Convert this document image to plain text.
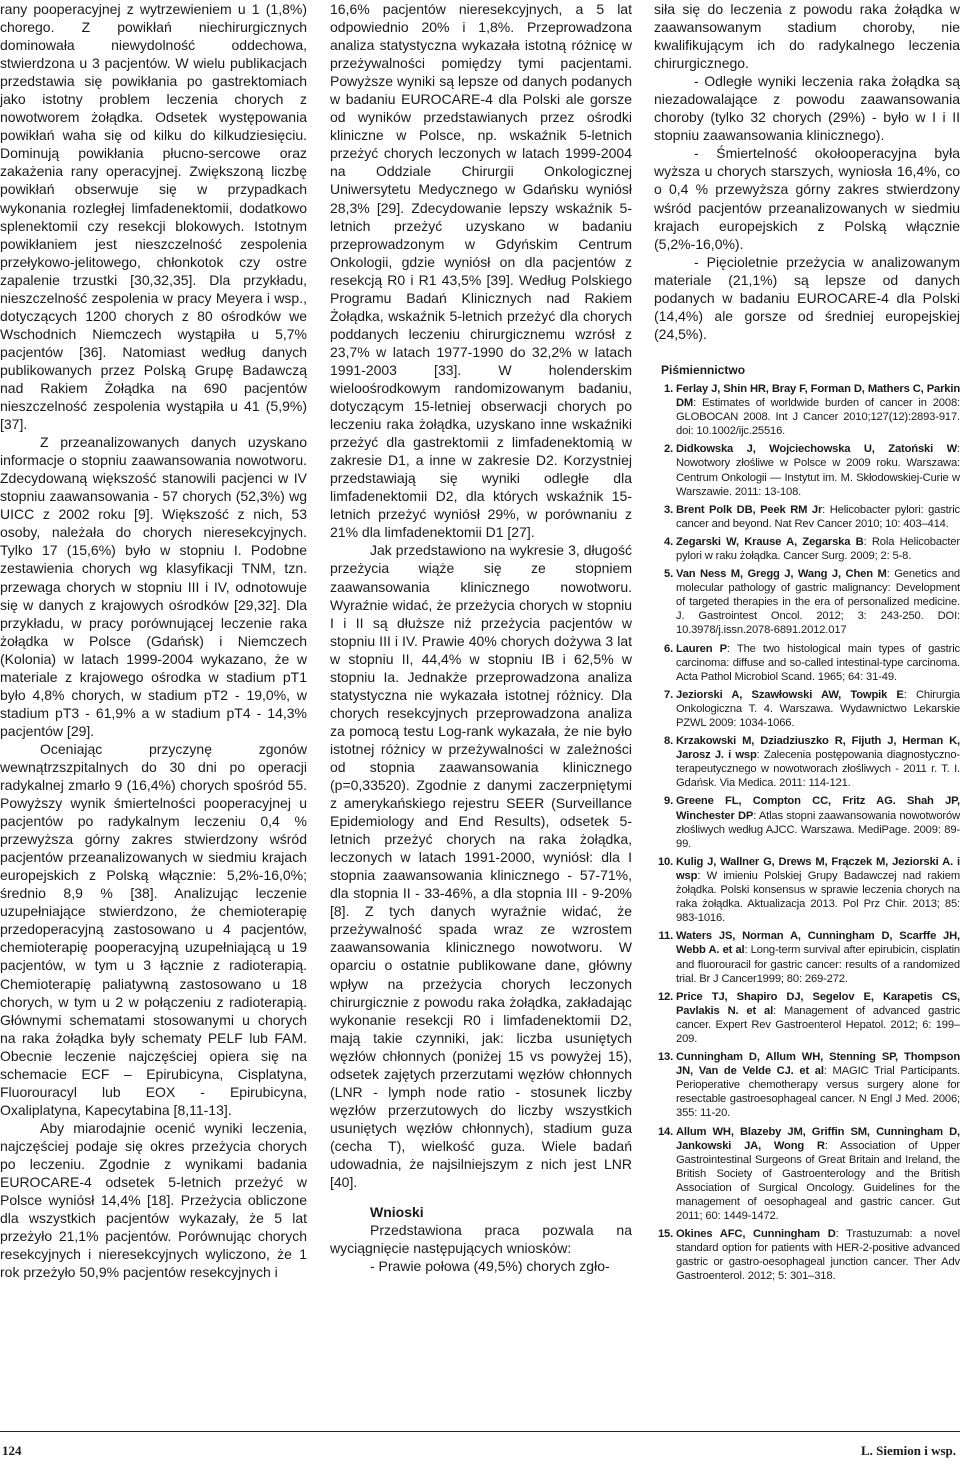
rany pooperacyjnej z wytrzewieniem u 1 (1,8%) chorego. Z powikłań niechirurgicznych dominowała niewydolność oddechowa, stwierdzona u 3 pacjentów. W wielu publikacjach przedstawia się powikłania po gastrektomiach jako istotny problem leczenia chorych z nowotworem żołądka. Odsetek występowania powikłań waha się od kilku do kilkudziesięciu. Dominują powikłania płucno-sercowe oraz zakażenia rany operacyjnej. Zwiększoną liczbę powikłań obserwuje się w przypadkach wykonania rozległej limfadenektomii, dodatkowo splenektomii czy resekcji blokowych. Istotnym powikłaniem jest nieszczelność zespolenia przełykowo-jelitowego, chłonkotok czy ostre zapalenie trzustki [30,32,35]. Dla przykładu, nieszczelność zespolenia w pracy Meyera i wsp., dotyczących 1200 chorych z 80 ośrodków we Wschodnich Niemczech wystąpiła u 5,7% pacjentów [36]. Natomiast według danych publikowanych przez Polską Grupę Badawczą nad Rakiem Żołądka na 690 pacjentów nieszczelność zespolenia wystąpiła u 41 (5,9%) [37].

Z przeanalizowanych danych uzyskano informacje o stopniu zaawansowania nowotworu. Zdecydowaną większość stanowili pacjenci w IV stopniu zaawansowania - 57 chorych (52,3%) wg UICC z 2002 roku [9]. Większość z nich, 53 osoby, należała do chorych nieresekcyjnych. Tylko 17 (15,6%) było w stopniu I. Podobne zestawienia chorych wg klasyfikacji TNM, tzn. przewaga chorych w stopniu III i IV, odnotowuje się w danych z krajowych ośrodków [29,32]. Dla przykładu, w pracy porównującej leczenie raka żołądka w Polsce (Gdańsk) i Niemczech (Kolonia) w latach 1999-2004 wykazano, że w materiale z krajowego ośrodka w stadium pT1 było 4,8% chorych, w stadium pT2 - 19,0%, w stadium pT3 - 61,9% a w stadium pT4 - 14,3% pacjentów [29].

Oceniając przyczynę zgonów wewnątrzszpitalnych do 30 dni po operacji radykalnej zmarło 9 (16,4%) chorych spośród 55. Powyższy wynik śmiertelności pooperacyjnej u pacjentów po radykalnym leczeniu 0,4 % przewyższa górny zakres stwierdzony wśród pacjentów przeanalizowanych w siedmiu krajach europejskich z Polską włącznie: 5,2%-16,0%; średnio 8,9 % [38]. Analizując leczenie uzupełniające stwierdzono, że chemioterapię przedoperacyjną zastosowano u 4 pacjentów, chemioterapię pooperacyjną uzupełniającą u 19 pacjentów, w tym u 3 łącznie z radioterapią. Chemioterapię paliatywną zastosowano u 18 chorych, w tym u 2 w połączeniu z radioterapią. Głównymi schematami stosowanymi u chorych na raka żołądka były schematy PELF lub FAM. Obecnie leczenie najczęściej opiera się na schemacie ECF – Epirubicyna, Cisplatyna, Fluorouracyl lub EOX - Epirubicyna, Oxaliplatyna, Kapecytabina [8,11-13].

Aby miarodajnie ocenić wyniki leczenia, najczęściej podaje się okres przeżycia chorych po leczeniu. Zgodnie z wynikami badania EUROCARE-4 odsetek 5-letnich przeżyć w Polsce wyniósł 14,4% [18]. Przeżycia obliczone dla wszystkich pacjentów wykazały, że 5 lat przeżyło 21,1% pacjentów. Porównując chorych resekcyjnych i nieresekcyjnych wyliczono, że 1 rok przeżyło 50,9% pacjentów resekcyjnych i

16,6% pacjentów nieresekcyjnych, a 5 lat odpowiednio 20% i 1,8%. Przeprowadzona analiza statystyczna wykazała istotną różnicę w przeżywalności pomiędzy tymi pacjentami. Powyższe wyniki są lepsze od danych podanych w badaniu EUROCARE-4 dla Polski ale gorsze od wyników przedstawianych przez ośrodki kliniczne w Polsce, np. wskaźnik 5-letnich przeżyć chorych leczonych w latach 1999-2004 na Oddziale Chirurgii Onkologicznej Uniwersytetu Medycznego w Gdańsku wyniósł 28,3% [29]. Zdecydowanie lepszy wskaźnik 5- letnich przeżyć uzyskano w badaniu przeprowadzonym w Gdyńskim Centrum Onkologii, gdzie wyniósł on dla pacjentów z resekcją R0 i R1 43,5% [39]. Według Polskiego Programu Badań Klinicznych nad Rakiem Żołądka, wskaźnik 5-letnich przeżyć dla chorych poddanych leczeniu chirurgicznemu wzrósł z 23,7% w latach 1977-1990 do 32,2% w latach 1991-2003 [33]. W holenderskim wieloośrodkowym randomizowanym badaniu, dotyczącym 15-letniej obserwacji chorych po leczeniu raka żołądka, uzyskano inne wskaźniki przeżyć dla gastrektomii z limfadenektomią w zakresie D1, a inne w zakresie D2. Korzystniej przedstawiają się wyniki odległe dla limfadenektomii D2, dla których wskaźnik 15-letnich przeżyć wyniósł 29%, w porównaniu z 21% dla limfadenektomii D1 [27].

Jak przedstawiono na wykresie 3, długość przeżycia wiąże się ze stopniem zaawansowania klinicznego nowotworu. Wyraźnie widać, że przeżycia chorych w stopniu I i II są dłuższe niż przeżycia pacjentów w stopniu III i IV. Prawie 40% chorych dożywa 3 lat w stopniu II, 44,4% w stopniu IB i 62,5% w stopniu Ia. Jednakże przeprowadzona analiza statystyczna nie wykazała istotnej różnicy. Dla chorych resekcyjnych przeprowadzona analiza za pomocą testu Log-rank wykazała, że nie było istotnej różnicy w przeżywalności w zależności od stopnia zaawansowania klinicznego (p=0,33520). Zgodnie z danymi zaczerpniętymi z amerykańskiego rejestru SEER (Surveillance Epidemiology and End Results), odsetek 5-letnich przeżyć chorych na raka żołądka, leczonych w latach 1991-2000, wyniósł: dla I stopnia zaawansowania klinicznego - 57-71%, dla stopnia II - 33-46%, a dla stopnia III - 9-20% [8]. Z tych danych wyraźnie widać, że przeżywalność spada wraz ze wzrostem zaawansowania klinicznego nowotworu. W oparciu o ostatnie publikowane dane, główny wpływ na przeżycia chorych leczonych chirurgicznie z powodu raka żołądka, zakładając wykonanie resekcji R0 i limfadenektomii D2, mają takie czynniki, jak: liczba usuniętych węzłów chłonnych (poniżej 15 vs powyżej 15), odsetek zajętych przerzutami węzłów chłonnych (LNR - lymph node ratio - stosunek liczby węzłów przerzutowych do liczby wszystkich usuniętych węzłów chłonnych), stadium guza (cecha T), wielkość guza. Wiele badań udowadnia, że najsilniejszym z nich jest LNR [40].

Wnioski

Przedstawiona praca pozwala na wyciągnięcie następujących wniosków:

- Prawie połowa (49,5%) chorych zgło-

siła się do leczenia z powodu raka żołądka w zaawansowanym stadium choroby, nie kwalifikującym ich do radykalnego leczenia chirurgicznego.

- Odległe wyniki leczenia raka żołądka są niezadowalające z powodu zaawansowania choroby (tylko 32 chorych (29%) - było w I i II stopniu zaawansowania klinicznego).

- Śmiertelność okołooperacyjna była wyższa u chorych starszych, wyniosła 16,4%, co o 0,4 % przewyższa górny zakres stwierdzony wśród pacjentów przeanalizowanych w siedmiu krajach europejskich z Polską włącznie (5,2%-16,0%).

- Pięcioletnie przeżycia w analizowanym materiale (21,1%) są lepsze od danych podanych w badaniu EUROCARE-4 dla Polski (14,4%) ale gorsze od średniej europejskiej (24,5%).

Piśmiennictwo
1. Ferlay J, Shin HR, Bray F, Forman D, Mathers C, Parkin DM: Estimates of worldwide burden of cancer in 2008: GLOBOCAN 2008. Int J Cancer 2010;127(12):2893-917. doi: 10.1002/ijc.25516.
2. Didkowska J, Wojciechowska U, Zatoński W: Nowotwory złośliwe w Polsce w 2009 roku. Warszawa: Centrum Onkologii — Instytut im. M. Skłodowskiej-Curie w Warszawie. 2011: 13-108.
3. Brent Polk DB, Peek RM Jr: Helicobacter pylori: gastric cancer and beyond. Nat Rev Cancer 2010; 10: 403–414.
4. Zegarski W, Krause A, Zegarska B: Rola Helicobacter pylori w raku żołądka. Cancer Surg. 2009; 2: 5-8.
5. Van Ness M, Gregg J, Wang J, Chen M: Genetics and molecular pathology of gastric malignancy: Development of targeted therapies in the era of personalized medicine. J. Gastrointest Oncol. 2012; 3: 243-250. DOI: 10.3978/j.issn.2078-6891.2012.017
6. Lauren P: The two histological main types of gastric carcinoma: diffuse and so-called intestinal-type carcinoma. Acta Pathol Microbiol Scand. 1965; 64: 31-49.
7. Jeziorski A, Szawłowski AW, Towpik E: Chirurgia Onkologiczna T. 4. Warszawa. Wydawnictwo Lekarskie PZWL 2009: 1034-1066.
8. Krzakowski M, Dziadziuszko R, Fijuth J, Herman K, Jarosz J. i wsp: Zalecenia postępowania diagnostyczno-terapeutycznego w nowotworach złośliwych - 2011 r. T. I. Gdańsk. Via Medica. 2011: 114-121.
9. Greene FL, Compton CC, Fritz AG. Shah JP, Winchester DP: Atlas stopni zaawansowania nowotworów złośliwych według AJCC. Warszawa. MediPage. 2009: 89-99.
10. Kulig J, Wallner G, Drews M, Frączek M, Jeziorski A. i wsp: W imieniu Polskiej Grupy Badawczej nad rakiem żołądka. Polski konsensus w sprawie leczenia chorych na raka żołądka. Aktualizacja 2013. Pol Prz Chir. 2013; 85: 983-1016.
11. Waters JS, Norman A, Cunningham D, Scarffe JH, Webb A. et al: Long-term survival after epirubicin, cisplatin and fluorouracil for gastric cancer: results of a randomized trial. Br J Cancer1999; 80: 269-272.
12. Price TJ, Shapiro DJ, Segelov E, Karapetis CS, Pavlakis N. et al: Management of advanced gastric cancer. Expert Rev Gastroenterol Hepatol. 2012; 6: 199–209.
13. Cunningham D, Allum WH, Stenning SP, Thompson JN, Van de Velde CJ. et al: MAGIC Trial Participants. Perioperative chemotherapy versus surgery alone for resectable gastroesophageal cancer. N Engl J Med. 2006; 355: 11-20.
14. Allum WH, Blazeby JM, Griffin SM, Cunningham D, Jankowski JA, Wong R: Association of Upper Gastrointestinal Surgeons of Great Britain and Ireland, the British Society of Gastroenterology and the British Association of Surgical Oncology. Guidelines for the management of oesophageal and gastric cancer. Gut 2011; 60: 1449-1472.
15. Okines AFC, Cunningham D: Trastuzumab: a novel standard option for patients with HER-2-positive advanced gastric or gastro-oesophageal junction cancer. Ther Adv Gastroenterol. 2012; 5: 301–318.
124	L. Siemion i wsp.
